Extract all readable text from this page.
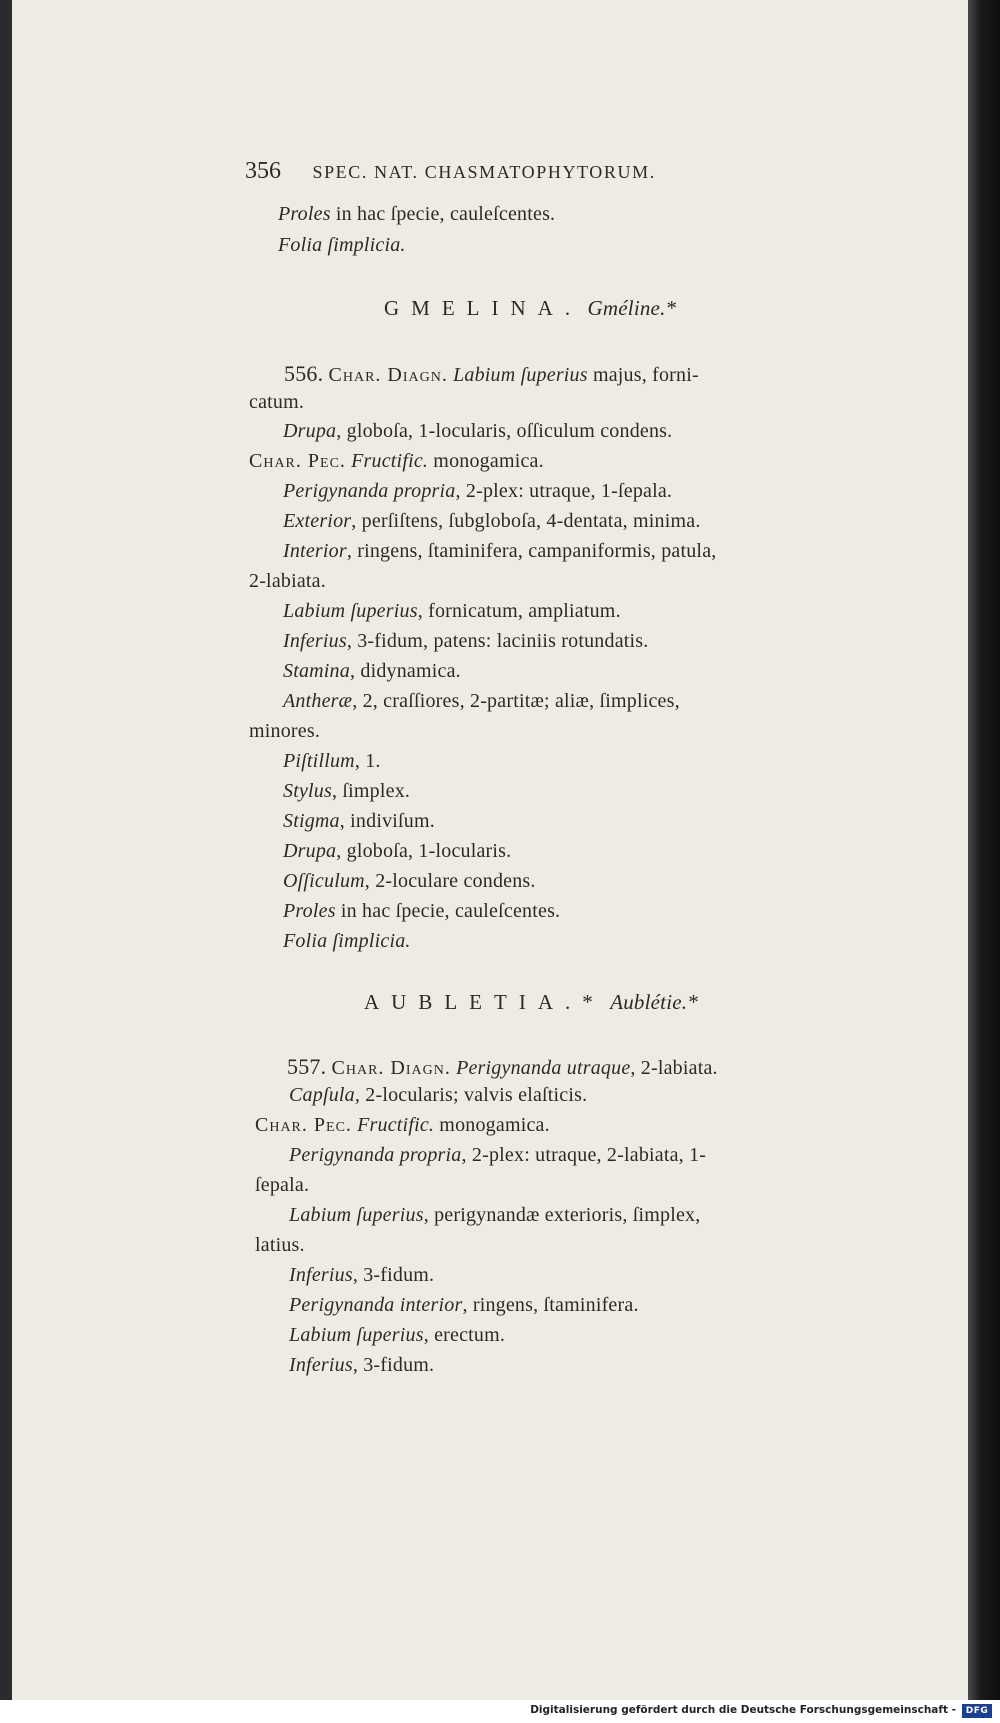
356 SPEC. NAT. CHASMATOPHYTORUM.
Proles in hac ſpecie, cauleſcentes.
Folia ſimplicia.
GMELINA. Gméline.*
556. Char. Diagn. Labium ſuperius majus, forni-
catum.
Drupa, globoſa, 1-locularis, oſſiculum condens.
Char. Pec. Fructific. monogamica.
Perigynanda propria, 2-plex: utraque, 1-ſepala.
Exterior, perſiſtens, ſubgloboſa, 4-dentata, minima.
Interior, ringens, ſtaminifera, campaniformis, patula,
2-labiata.
Labium ſuperius, fornicatum, ampliatum.
Inferius, 3-fidum, patens: laciniis rotundatis.
Stamina, didynamica.
Antheræ, 2, craſſiores, 2-partitæ; aliæ, ſimplices,
minores.
Piſtillum, 1.
Stylus, ſimplex.
Stigma, indiviſum.
Drupa, globoſa, 1-locularis.
Oſſiculum, 2-loculare condens.
Proles in hac ſpecie, cauleſcentes.
Folia ſimplicia.
AUBLETIA.* Aublétie.*
557. Char. Diagn. Perigynanda utraque, 2-labiata.
Capſula, 2-locularis; valvis elaſticis.
Char. Pec. Fructific. monogamica.
Perigynanda propria, 2-plex: utraque, 2-labiata, 1-
ſepala.
Labium ſuperius, perigynandæ exterioris, ſimplex,
latius.
Inferius, 3-fidum.
Perigynanda interior, ringens, ſtaminifera.
Labium ſuperius, erectum.
Inferius, 3-fidum.
Digitalisierung gefördert durch die Deutsche Forschungsgemeinschaft -	DFG
